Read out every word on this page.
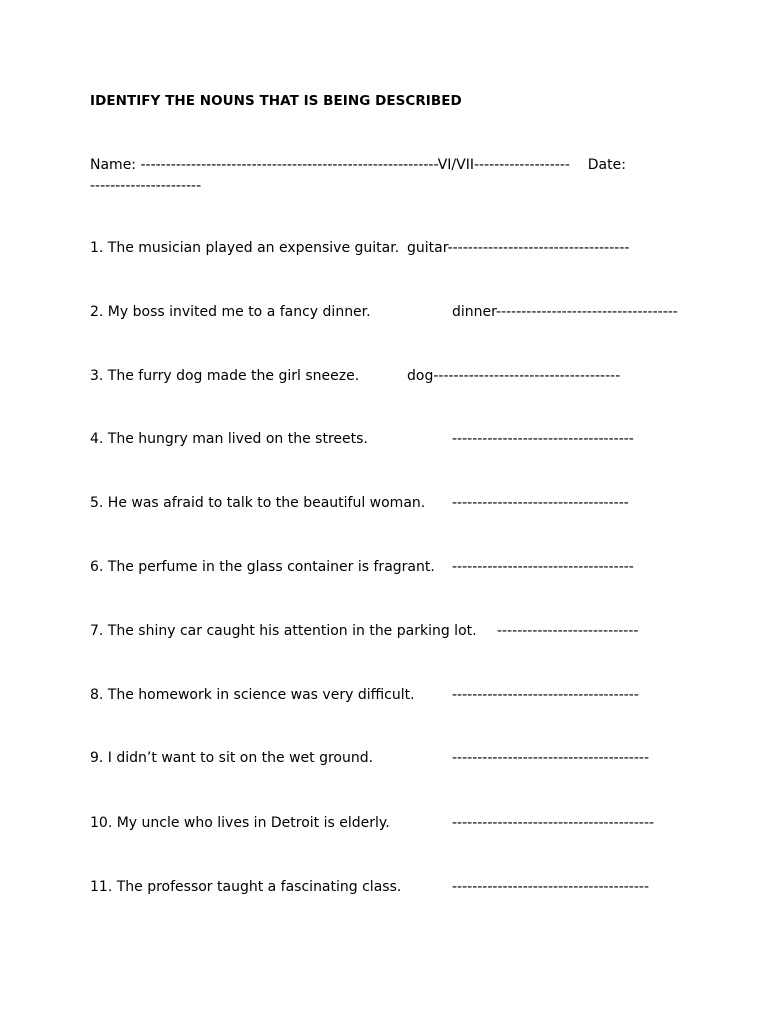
IDENTIFY THE NOUNS THAT IS BEING DESCRIBED
Name: -----------------------------------------------------------VI/VII-------------------    Date:
----------------------
1. The musician played an expensive guitar. guitar------------------------------------
2. My boss invited me to a fancy dinner.	dinner------------------------------------
3. The furry dog made the girl sneeze.	dog-------------------------------------
4. The hungry man lived on the streets.	------------------------------------
5. He was afraid to talk to the beautiful woman. -----------------------------------
6. The perfume in the glass container is fragrant. ------------------------------------
7. The shiny car caught his attention in the parking lot. ----------------------------
8. The homework in science was very difficult.	-------------------------------------
9. I didn’t want to sit on the wet ground.	---------------------------------------
10. My uncle who lives in Detroit is elderly.	----------------------------------------
11. The professor taught a fascinating class.	---------------------------------------
